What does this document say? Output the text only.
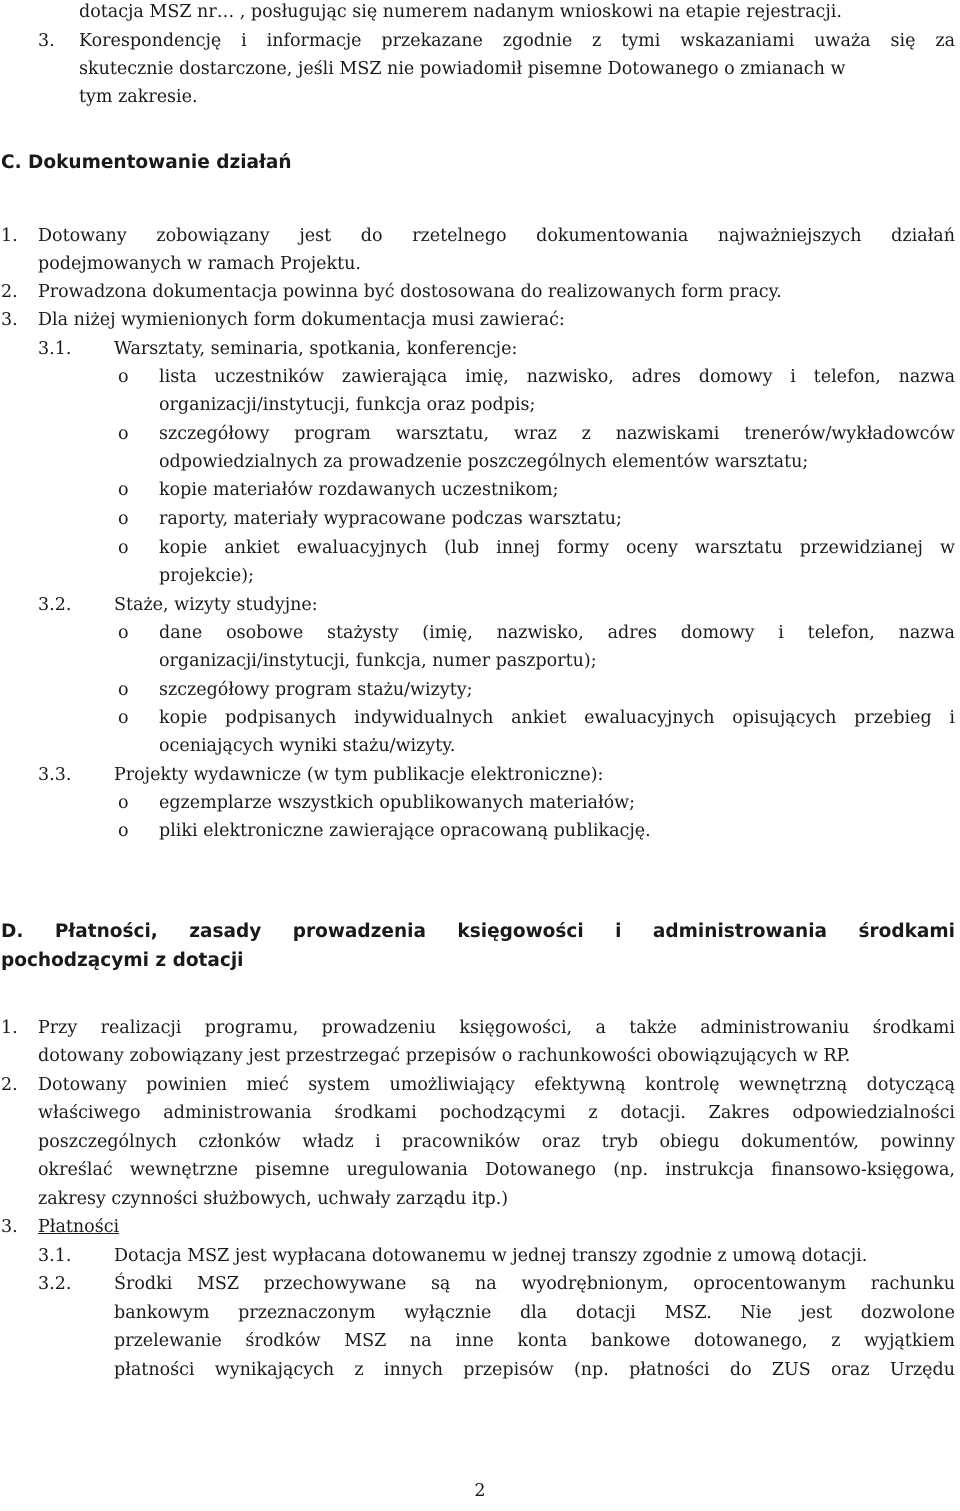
dotacja MSZ nr… , posługując się numerem nadanym wnioskowi na etapie rejestracji.
3. Korespondencję i informacje przekazane zgodnie z tymi wskazaniami uważa się za
skutecznie dostarczone, jeśli MSZ nie powiadomił pisemne Dotowanego o zmianach w
tym zakresie.
C. Dokumentowanie działań
1. Dotowany zobowiązany jest do rzetelnego dokumentowania najważniejszych działań
podejmowanych w ramach Projektu.
2. Prowadzona dokumentacja powinna być dostosowana do realizowanych form pracy.
3. Dla niżej wymienionych form dokumentacja musi zawierać:
3.1. Warsztaty, seminaria, spotkania, konferencje:
o lista uczestników zawierająca imię, nazwisko, adres domowy i telefon, nazwa
organizacji/instytucji, funkcja oraz podpis;
o szczegółowy program warsztatu, wraz z nazwiskami trenerów/wykładowców
odpowiedzialnych za prowadzenie poszczególnych elementów warsztatu;
o kopie materiałów rozdawanych uczestnikom;
o raporty, materiały wypracowane podczas warsztatu;
o kopie ankiet ewaluacyjnych (lub innej formy oceny warsztatu przewidzianej w
projekcie);
3.2. Staże, wizyty studyjne:
o dane osobowe stażysty (imię, nazwisko, adres domowy i telefon, nazwa
organizacji/instytucji, funkcja, numer paszportu);
o szczegółowy program stażu/wizyty;
o kopie podpisanych indywidualnych ankiet ewaluacyjnych opisujących przebieg i
oceniających wyniki stażu/wizyty.
3.3. Projekty wydawnicze (w tym publikacje elektroniczne):
o egzemplarze wszystkich opublikowanych materiałów;
o pliki elektroniczne zawierające opracowaną publikację.
D. Płatności, zasady prowadzenia księgowości i administrowania środkami
pochodzącymi z dotacji
1. Przy realizacji programu, prowadzeniu księgowości, a także administrowaniu środkami
dotowany zobowiązany jest przestrzegać przepisów o rachunkowości obowiązujących w RP.
2. Dotowany powinien mieć system umożliwiający efektywną kontrolę wewnętrzną dotyczącą
właściwego administrowania środkami pochodzącymi z dotacji. Zakres odpowiedzialności
poszczególnych członków władz i pracowników oraz tryb obiegu dokumentów, powinny
określać wewnętrzne pisemne uregulowania Dotowanego (np. instrukcja finansowo-księgowa,
zakresy czynności służbowych, uchwały zarządu itp.)
3. Płatności
3.1. Dotacja MSZ jest wypłacana dotowanemu w jednej transzy zgodnie z umową dotacji.
3.2. Środki MSZ przechowywane są na wyodrębnionym, oprocentowanym rachunku
bankowym przeznaczonym wyłącznie dla dotacji MSZ. Nie jest dozwolone
przelewanie środków MSZ na inne konta bankowe dotowanego, z wyjątkiem
płatności wynikających z innych przepisów (np. płatności do ZUS oraz Urzędu
2
